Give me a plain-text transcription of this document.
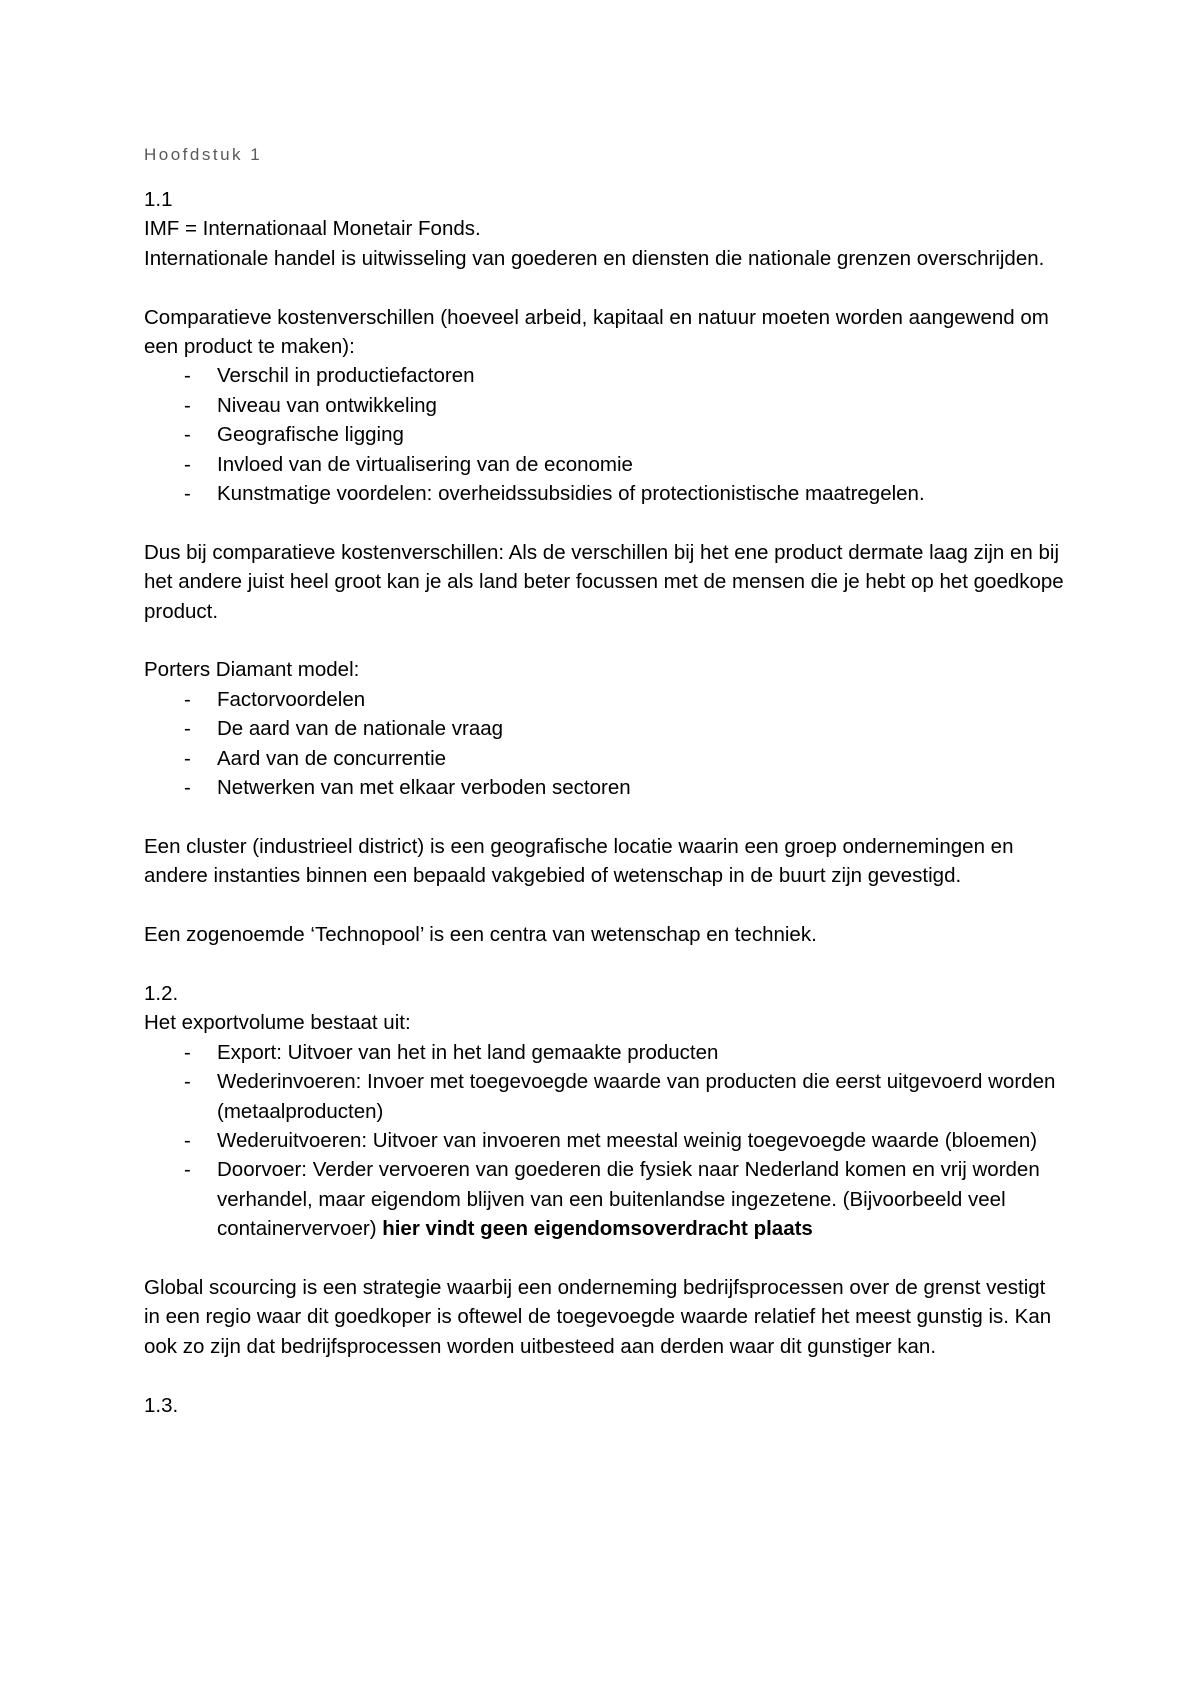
Hoofdstuk 1

1.1

IMF = Internationaal Monetair Fonds.

Internationale handel is uitwisseling van goederen en diensten die nationale grenzen overschrijden.

Comparatieve kostenverschillen (hoeveel arbeid, kapitaal en natuur moeten worden aangewend om een product te maken):

- Verschil in productiefactoren
- Niveau van ontwikkeling
- Geografische ligging
- Invloed van de virtualisering van de economie
- Kunstmatige voordelen: overheidssubsidies of protectionistische maatregelen.

Dus bij comparatieve kostenverschillen: Als de verschillen bij het ene product dermate laag zijn en bij het andere juist heel groot kan je als land beter focussen met de mensen die je hebt op het goedkope product.

Porters Diamant model:

- Factorvoordelen
- De aard van de nationale vraag
- Aard van de concurrentie
- Netwerken van met elkaar verboden sectoren

Een cluster (industrieel district) is een geografische locatie waarin een groep ondernemingen en andere instanties binnen een bepaald vakgebied of wetenschap in de buurt zijn gevestigd.

Een zogenoemde ‘Technopool’ is een centra van wetenschap en techniek.

1.2.

Het exportvolume bestaat uit:

- Export: Uitvoer van het in het land gemaakte producten
- Wederinvoeren: Invoer met toegevoegde waarde van producten die eerst uitgevoerd worden (metaalproducten)
- Wederuitvoeren: Uitvoer van invoeren met meestal weinig toegevoegde waarde (bloemen)
- Doorvoer: Verder vervoeren van goederen die fysiek naar Nederland komen en vrij worden verhandel, maar eigendom blijven van een buitenlandse ingezetene. (Bijvoorbeeld veel containervervoer) hier vindt geen eigendomsoverdracht plaats

Global scourcing is een strategie waarbij een onderneming bedrijfsprocessen over de grenst vestigt in een regio waar dit goedkoper is oftewel de toegevoegde waarde relatief het meest gunstig is. Kan ook zo zijn dat bedrijfsprocessen worden uitbesteed aan derden waar dit gunstiger kan.

1.3.
